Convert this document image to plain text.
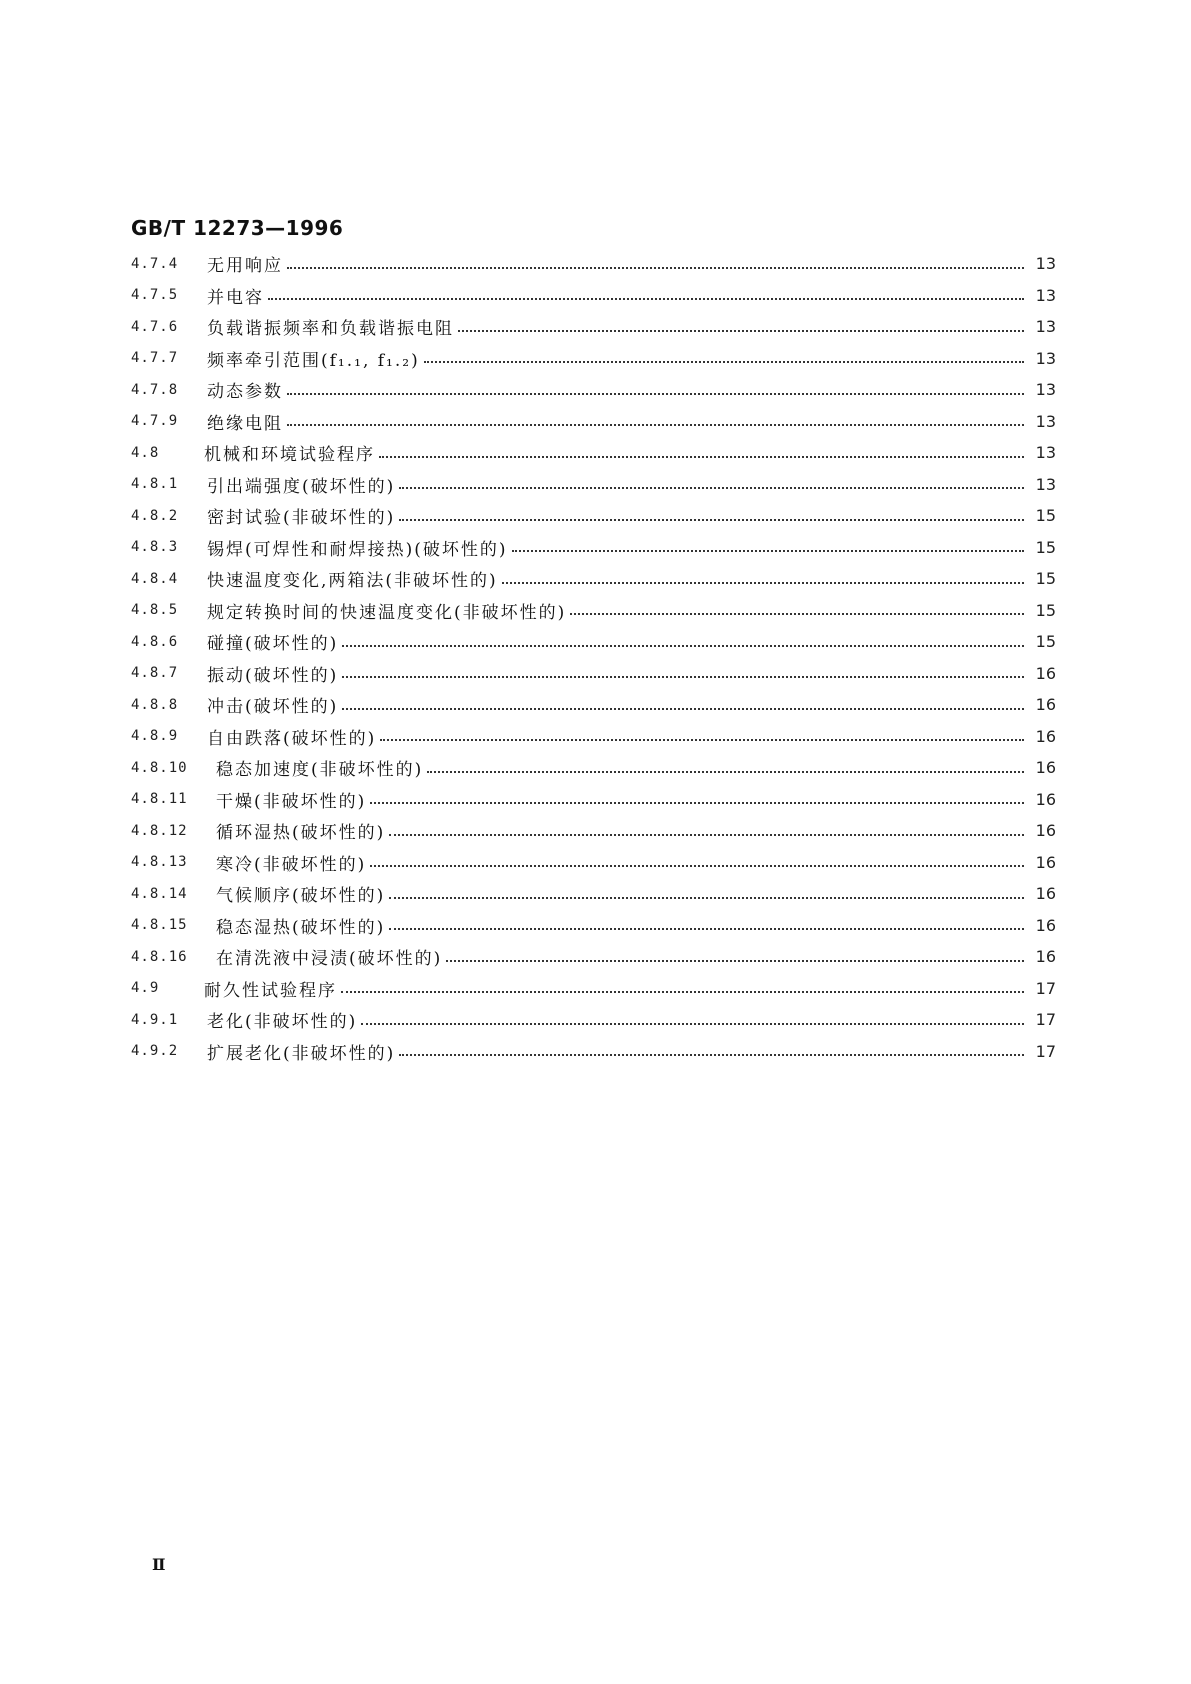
GB/T 12273—1996
4.7.4	无用响应	13
4.7.5	并电容	13
4.7.6	负载谐振频率和负载谐振电阻	13
4.7.7	频率牵引范围(f₁.₁, f₁.₂)	13
4.7.8	动态参数	13
4.7.9	绝缘电阻	13
4.8	机械和环境试验程序	13
4.8.1	引出端强度(破坏性的)	13
4.8.2	密封试验(非破坏性的)	15
4.8.3	锡焊(可焊性和耐焊接热)(破坏性的)	15
4.8.4	快速温度变化,两箱法(非破坏性的)	15
4.8.5	规定转换时间的快速温度变化(非破坏性的)	15
4.8.6	碰撞(破坏性的)	15
4.8.7	振动(破坏性的)	16
4.8.8	冲击(破坏性的)	16
4.8.9	自由跌落(破坏性的)	16
4.8.10	稳态加速度(非破坏性的)	16
4.8.11	干燥(非破坏性的)	16
4.8.12	循环湿热(破坏性的)	16
4.8.13	寒冷(非破坏性的)	16
4.8.14	气候顺序(破坏性的)	16
4.8.15	稳态湿热(破坏性的)	16
4.8.16	在清洗液中浸渍(破坏性的)	16
4.9	耐久性试验程序	17
4.9.1	老化(非破坏性的)	17
4.9.2	扩展老化(非破坏性的)	17
Ⅱ
